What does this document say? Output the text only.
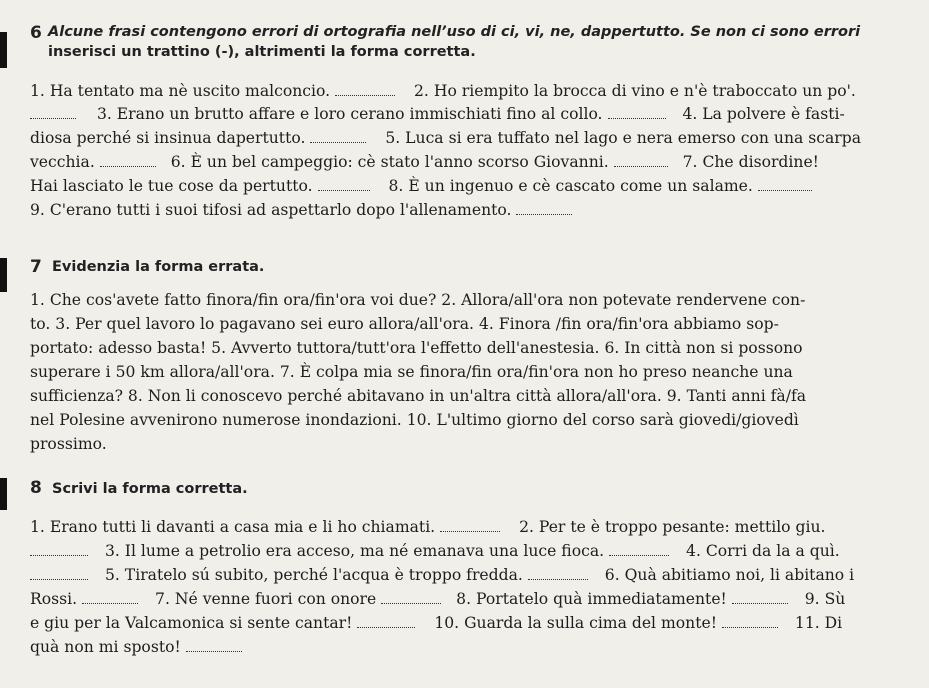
6 Alcune frasi contengono errori di ortografia nell’uso di ci, vi, ne, dappertutto. Se non ci sono errori
inserisci un trattino (-), altrimenti la forma corretta.
1. Ha tentato ma nè uscito malconcio.	2. Ho riempito la brocca di vino e n'è traboccato un po'.
3. Erano un brutto affare e loro cerano immischiati fino al collo.	4. La polvere è fasti-
diosa perché si insinua dapertutto.	5. Luca si era tuffato nel lago e nera emerso con una scarpa
vecchia.	6. È un bel campeggio: cè stato l'anno scorso Giovanni.	7. Che disordine!
Hai lasciato le tue cose da pertutto.	8. È un ingenuo e cè cascato come un salame.
9. C'erano tutti i suoi tifosi ad aspettarlo dopo l'allenamento.
7 Evidenzia la forma errata.
1. Che cos'avete fatto finora/fin ora/fin'ora voi due? 2. Allora/all'ora non potevate rendervene con-
to. 3. Per quel lavoro lo pagavano sei euro allora/all'ora. 4. Finora /fin ora/fin'ora abbiamo sop-
portato: adesso basta! 5. Avverto tuttora/tutt'ora l'effetto dell'anestesia. 6. In città non si possono
superare i 50 km allora/all'ora. 7. È colpa mia se finora/fin ora/fin'ora non ho preso neanche una
sufficienza? 8. Non li conoscevo perché abitavano in un'altra città allora/all'ora. 9. Tanti anni fà/fa
nel Polesine avvenirono numerose inondazioni. 10. L'ultimo giorno del corso sarà giovedi/giovedì
prossimo.
8 Scrivi la forma corretta.
1. Erano tutti li davanti a casa mia e li ho chiamati.	2. Per te è troppo pesante: mettilo giu.
3. Il lume a petrolio era acceso, ma né emanava una luce fioca.	4. Corri da la a quì.
5. Tiratelo sú subito, perché l'acqua è troppo fredda.	6. Quà abitiamo noi, li abitano i
Rossi.	7. Né venne fuori con onore	8. Portatelo quà immediatamente!	9. Sù
e giu per la Valcamonica si sente cantar!	10. Guarda la sulla cima del monte!	11. Di
quà non mi sposto!
